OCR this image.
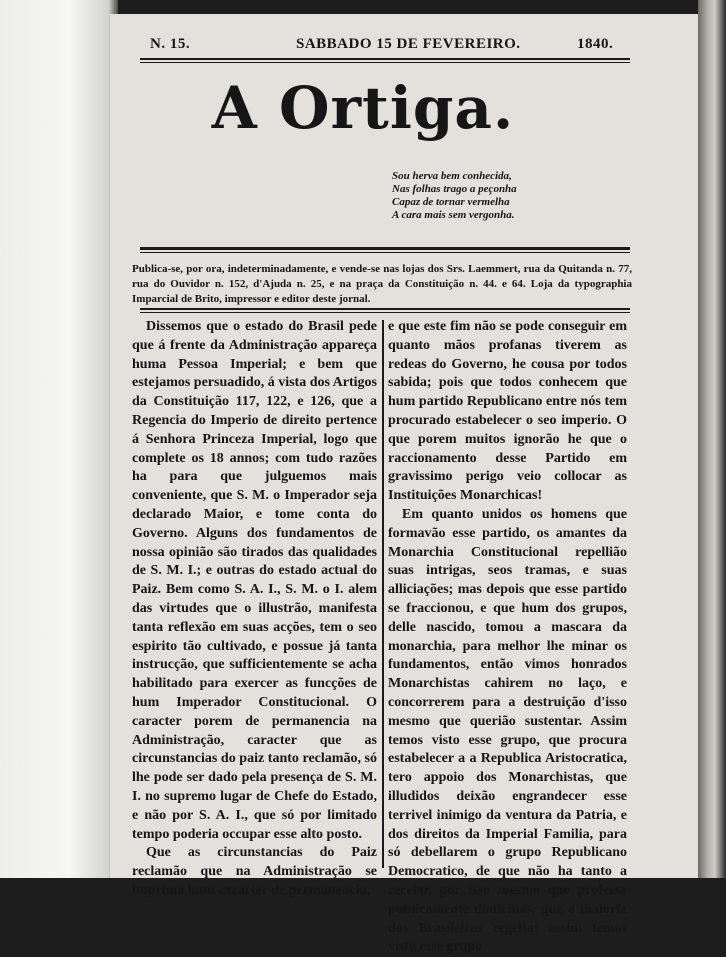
N. 15.	SABBADO 15 DE FEVEREIRO.	1840.
A Ortiga.
Sou herva bem conhecida,
Nas folhas trago a peçonha
Capaz de tornar vermelha
A cara mais sem vergonha.
Publica-se, por ora, indeterminadamente, e vende-se nas lojas dos Srs. Laemmert, rua da Quitanda n. 77, rua do Ouvidor n. 152, d'Ajuda n. 25, e na praça da Constituição n. 44. e 64. Loja da typographia Imparcial de Brito, impressor e editor deste jornal.

Dissemos que o estado do Brasil pede que á frente da Administração appareça huma Pessoa Imperial; e bem que estejamos persuadido, á vista dos Artigos da Constituição 117, 122, e 126, que a Regencia do Imperio de direito pertence á Senhora Princeza Imperial, logo que complete os 18 annos; com tudo razões ha para que julguemos mais conveniente, que S. M. o Imperador seja declarado Maior, e tome conta do Governo. Alguns dos fundamentos de nossa opinião são tirados das qualidades de S. M. I.; e outras do estado actual do Paiz. Bem como S. A. I., S. M. o I. alem das virtudes que o illustrão, manifesta tanta reflexão em suas acções, tem o seo espirito tão cultivado, e possue já tanta instrucção, que sufficientemente se acha habilitado para exercer as funcções de hum Imperador Constitucional. O caracter porem de permanencia na Administração, caracter que as circunstancias do paiz tanto reclamão, só lhe pode ser dado pela presença de S. M. I. no supremo lugar de Chefe do Estado, e não por S. A. I., que só por limitado tempo poderia occupar esse alto posto.

Que as circunstancias do Paiz reclamão que na Administração se imprima hum caracter de permanencia,

e que este fim não se pode conseguir em quanto mãos profanas tiverem as redeas do Governo, he cousa por todos sabida; pois que todos conhecem que hum partido Republicano entre nós tem procurado estabelecer o seo imperio. O que porem muitos ignorão he que o raccionamento desse Partido em gravissimo perigo veio collocar as Instituições Monarchicas!

Em quanto unidos os homens que formavão esse partido, os amantes da Monarchia Constitucional repellião suas intrigas, seos tramas, e suas alliciações; mas depois que esse partido se fraccionou, e que hum dos grupos, delle nascido, tomou a mascara da monarchia, para melhor lhe minar os fundamentos, então vimos honrados Monarchistas cahirem no laço, e concorrerem para a destruição d'isso mesmo que querião sustentar. Assim temos visto esse grupo, que procura estabelecer a a Republica Aristocratica, tero appoio dos Monarchistas, que illudidos deixão engrandecer esse terrivel inimigo da ventura da Patria, e dos direitos da Imperial Familia, para só debellarem o grupo Republicano Democratico, de que não ha tanto a receiar, por isso mesmo que professa publicamente doutrinas, que a maioria dos Brasileiros regeita: assim temos visto esse grupo
